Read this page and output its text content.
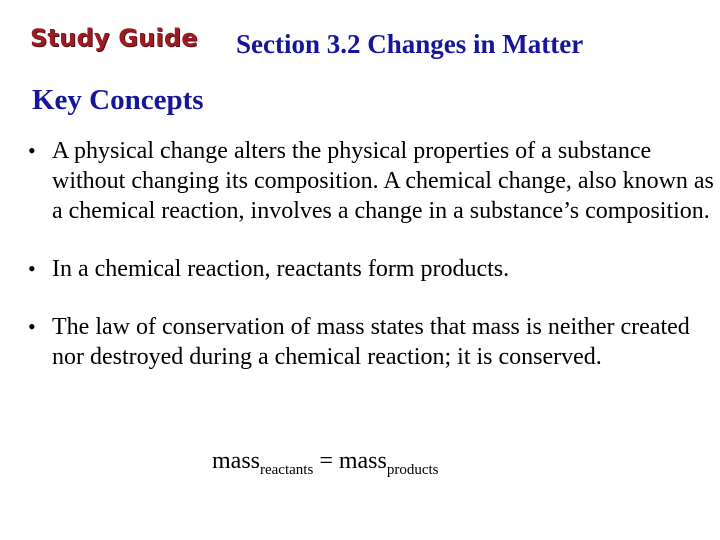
Study Guide Section 3.2 Changes in Matter
Key Concepts
• A physical change alters the physical properties of a substance without changing its composition. A chemical change, also known as a chemical reaction, involves a change in a substance’s composition.
• In a chemical reaction, reactants form products.
• The law of conservation of mass states that mass is neither created nor destroyed during a chemical reaction; it is conserved.
mass$_{reactants}$ = mass$_{products}$
